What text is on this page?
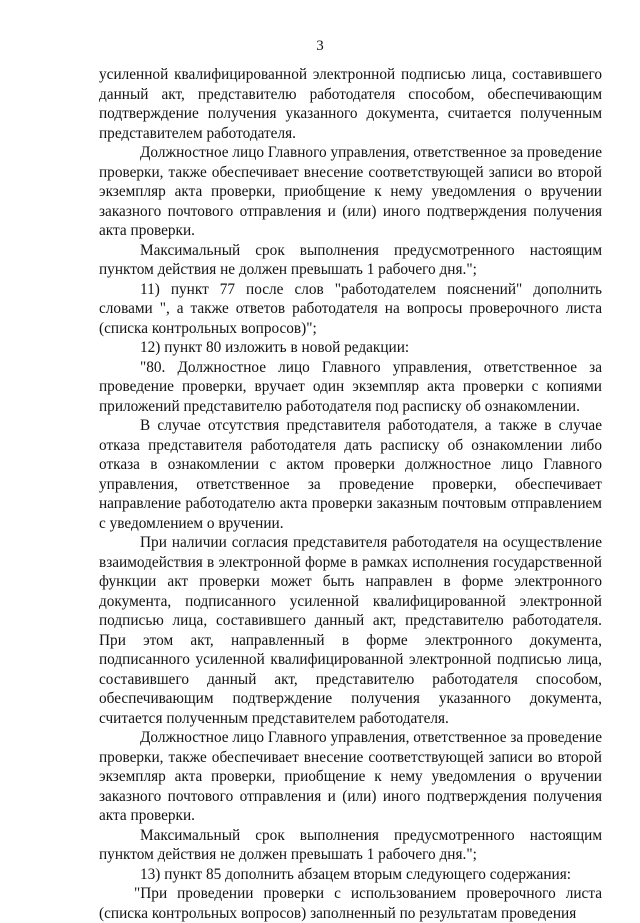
3

усиленной квалифицированной электронной подписью лица, составившего данный акт, представителю работодателя способом, обеспечивающим подтверждение получения указанного документа, считается полученным представителем работодателя.

Должностное лицо Главного управления, ответственное за проведение проверки, также обеспечивает внесение соответствующей записи во второй экземпляр акта проверки, приобщение к нему уведомления о вручении заказного почтового отправления и (или) иного подтверждения получения акта проверки.

Максимальный срок выполнения предусмотренного настоящим пунктом действия не должен превышать 1 рабочего дня.";

11) пункт 77 после слов "работодателем пояснений" дополнить словами ", а также ответов работодателя на вопросы проверочного листа (списка контрольных вопросов)";

12) пункт 80 изложить в новой редакции:

"80. Должностное лицо Главного управления, ответственное за проведение проверки, вручает один экземпляр акта проверки с копиями приложений представителю работодателя под расписку об ознакомлении.

В случае отсутствия представителя работодателя, а также в случае отказа представителя работодателя дать расписку об ознакомлении либо отказа в ознакомлении с актом проверки должностное лицо Главного управления, ответственное за проведение проверки, обеспечивает направление работодателю акта проверки заказным почтовым отправлением с уведомлением о вручении.

При наличии согласия представителя работодателя на осуществление взаимодействия в электронной форме в рамках исполнения государственной функции акт проверки может быть направлен в форме электронного документа, подписанного усиленной квалифицированной электронной подписью лица, составившего данный акт, представителю работодателя. При этом акт, направленный в форме электронного документа, подписанного усиленной квалифицированной электронной подписью лица, составившего данный акт, представителю работодателя способом, обеспечивающим подтверждение получения указанного документа, считается полученным представителем работодателя.

Должностное лицо Главного управления, ответственное за проведение проверки, также обеспечивает внесение соответствующей записи во второй экземпляр акта проверки, приобщение к нему уведомления о вручении заказного почтового отправления и (или) иного подтверждения получения акта проверки.

Максимальный срок выполнения предусмотренного настоящим пунктом действия не должен превышать 1 рабочего дня.";

13) пункт 85 дополнить абзацем вторым следующего содержания:

"При проведении проверки с использованием проверочного листа (списка контрольных вопросов) заполненный по результатам проведения
